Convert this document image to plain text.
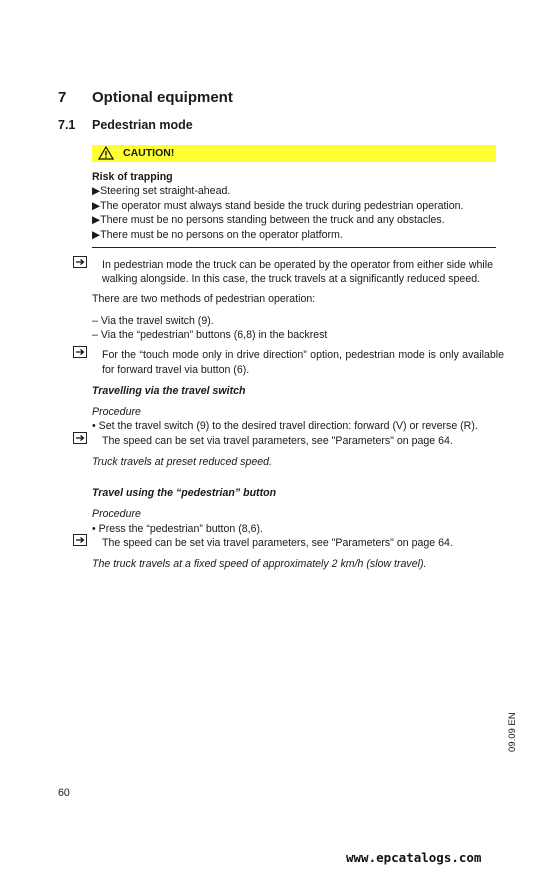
7 Optional equipment
7.1 Pedestrian mode
CAUTION!
Risk of trapping
▶Steering set straight-ahead.
▶The operator must always stand beside the truck during pedestrian operation.
▶There must be no persons standing between the truck and any obstacles.
▶There must be no persons on the operator platform.
In pedestrian mode the truck can be operated by the operator from either side while
walking alongside. In this case, the truck travels at a significantly reduced speed.
There are two methods of pedestrian operation:
– Via the travel switch (9).
– Via the “pedestrian” buttons (6,8) in the backrest
For the “touch mode only in drive direction” option, pedestrian mode is only available for forward travel via button (6).
Travelling via the travel switch
Procedure
• Set the travel switch (9) to the desired travel direction: forward (V) or reverse (R).
The speed can be set via travel parameters, see "Parameters" on page 64.
Truck travels at preset reduced speed.
Travel using the “pedestrian” button
Procedure
• Press the “pedestrian” button (8,6).
The speed can be set via travel parameters, see "Parameters" on page 64.
The truck travels at a fixed speed of approximately 2 km/h (slow travel).
09.09 EN
60
www.epcatalogs.com
